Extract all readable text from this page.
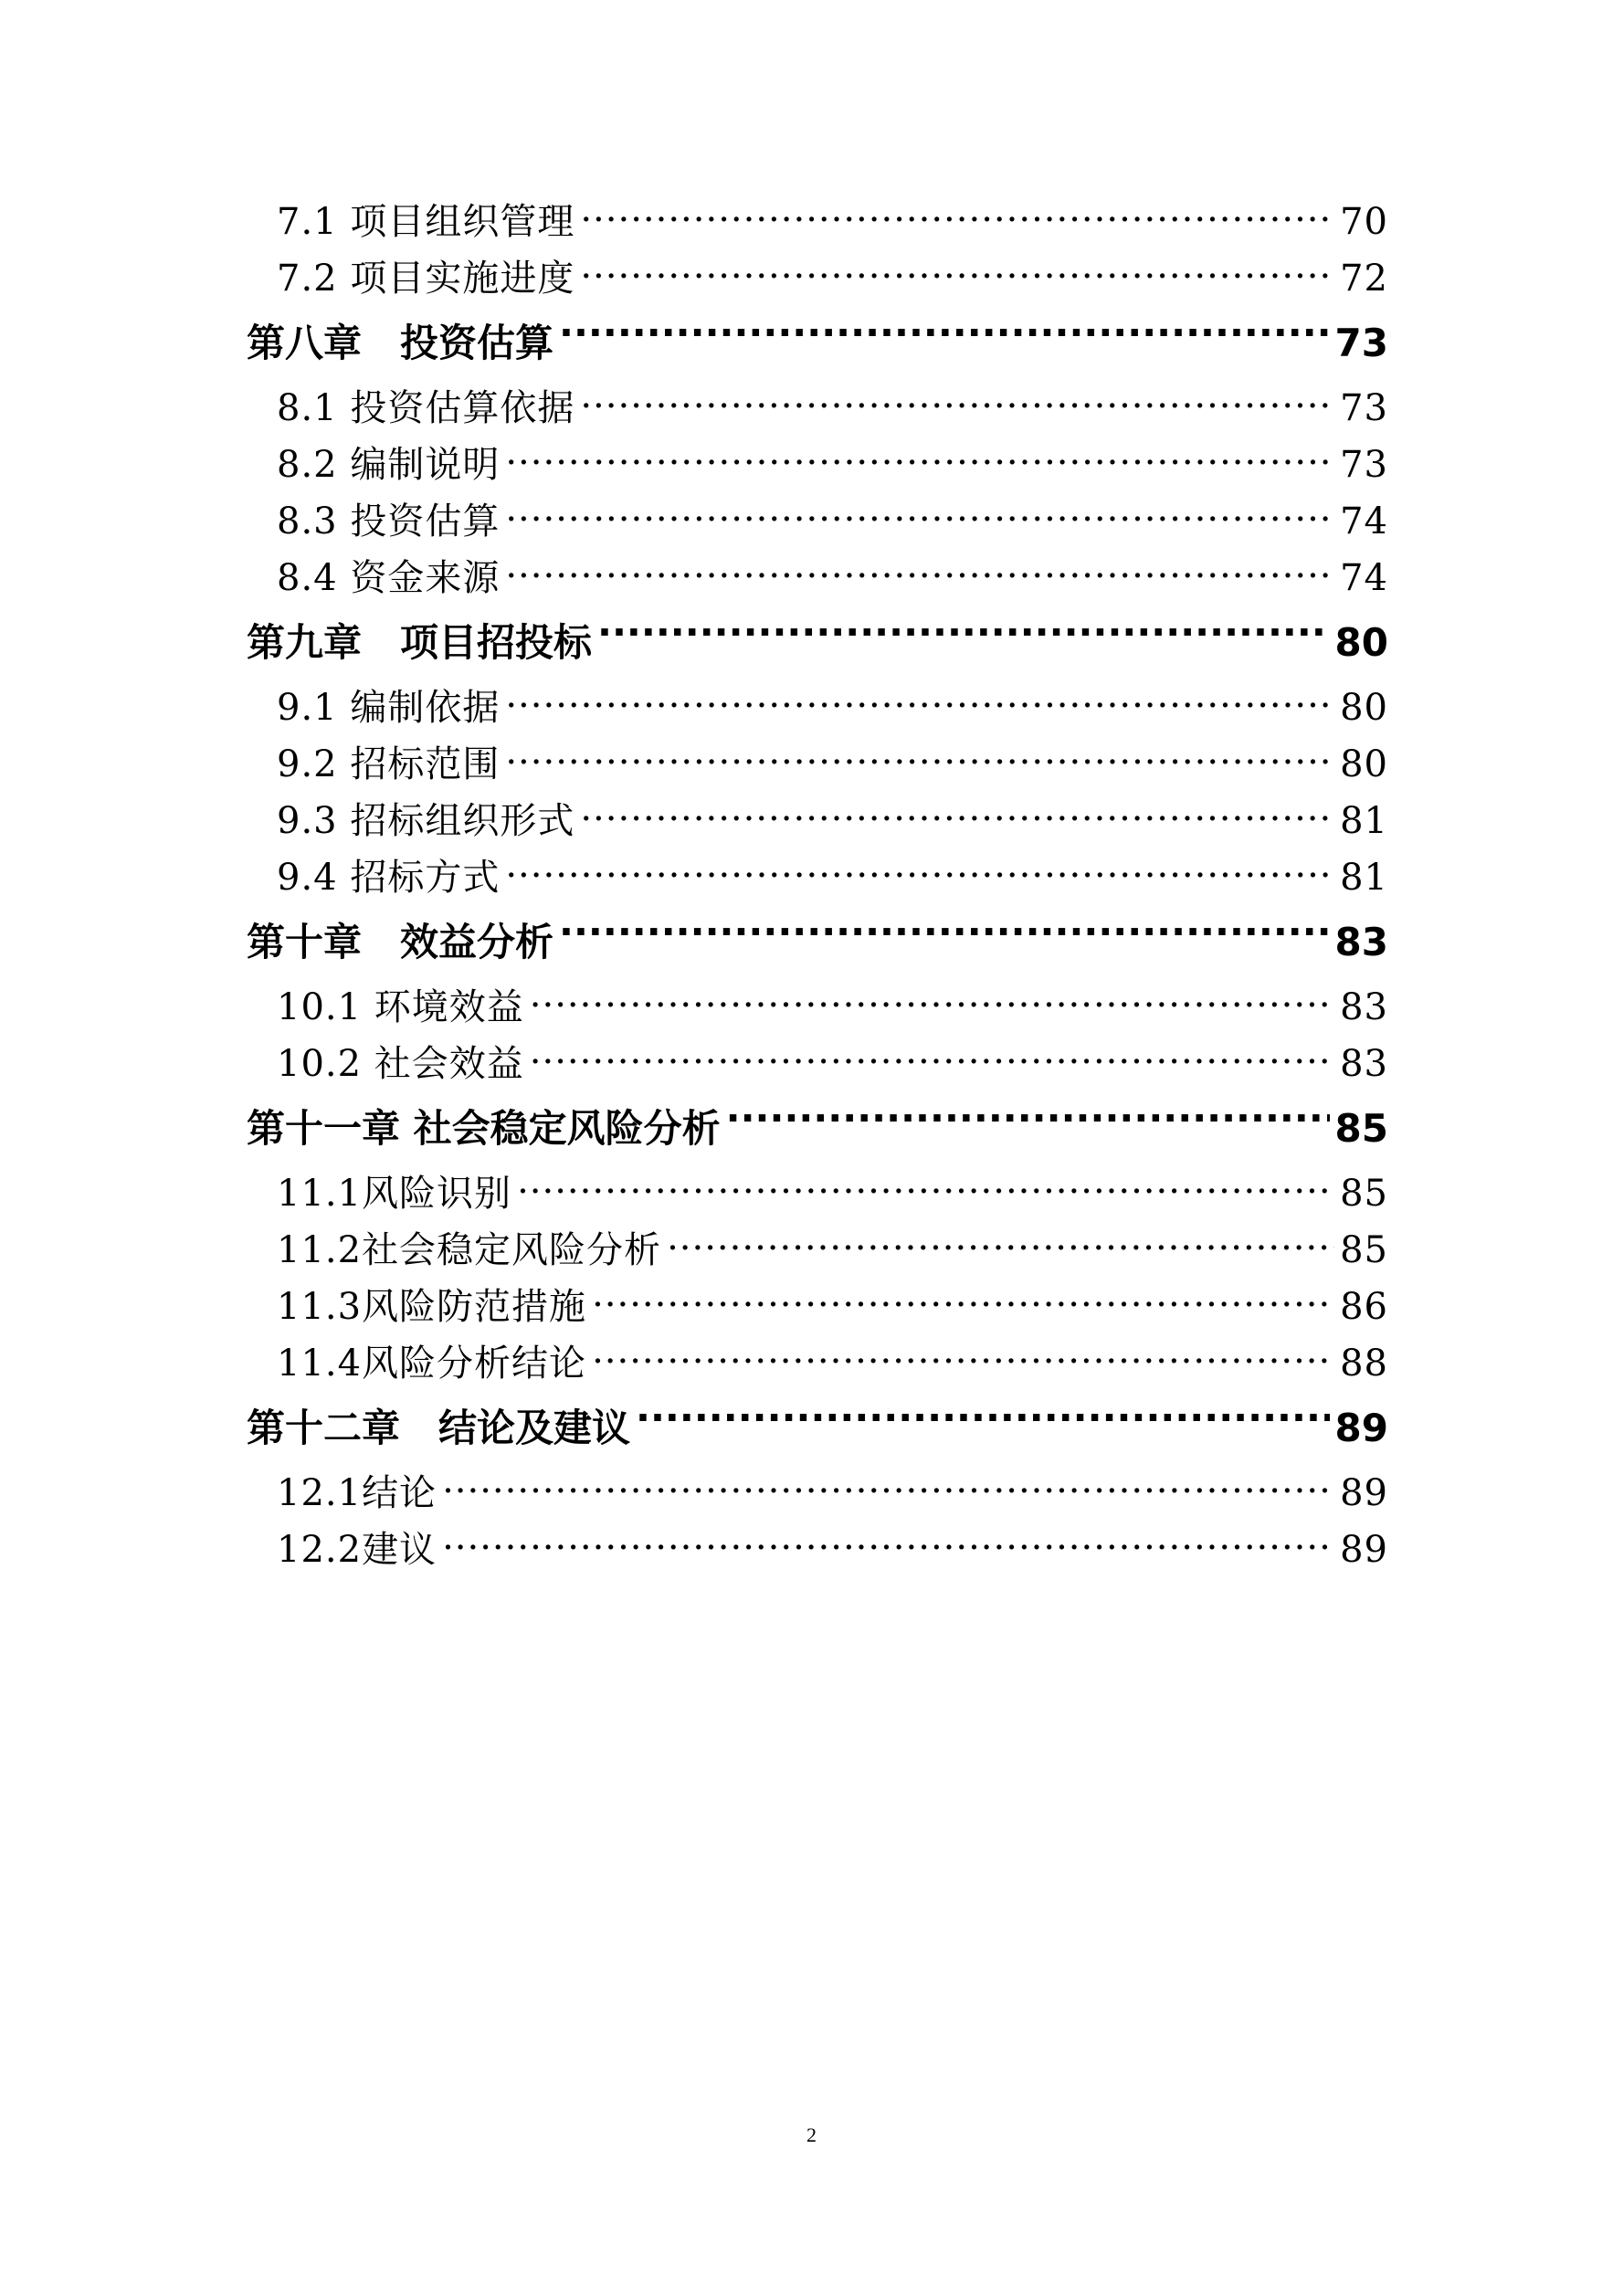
7.1 项目组织管理 .....	70
7.2 项目实施进度 .....	72
第八章　投资估算 .....	73
8.1 投资估算依据 .....	73
8.2 编制说明 .....	73
8.3 投资估算 .....	74
8.4 资金来源 .....	74
第九章　项目招投标 .....	80
9.1 编制依据 .....	80
9.2 招标范围 .....	80
9.3 招标组织形式 .....	81
9.4 招标方式 .....	81
第十章　效益分析 .....	83
10.1 环境效益 .....	83
10.2 社会效益 .....	83
第十一章 社会稳定风险分析 .....	85
11.1风险识别 .....	85
11.2社会稳定风险分析 .....	85
11.3风险防范措施 .....	86
11.4风险分析结论 .....	88
第十二章　结论及建议 .....	89
12.1结论 .....	89
12.2建议 .....	89
2
